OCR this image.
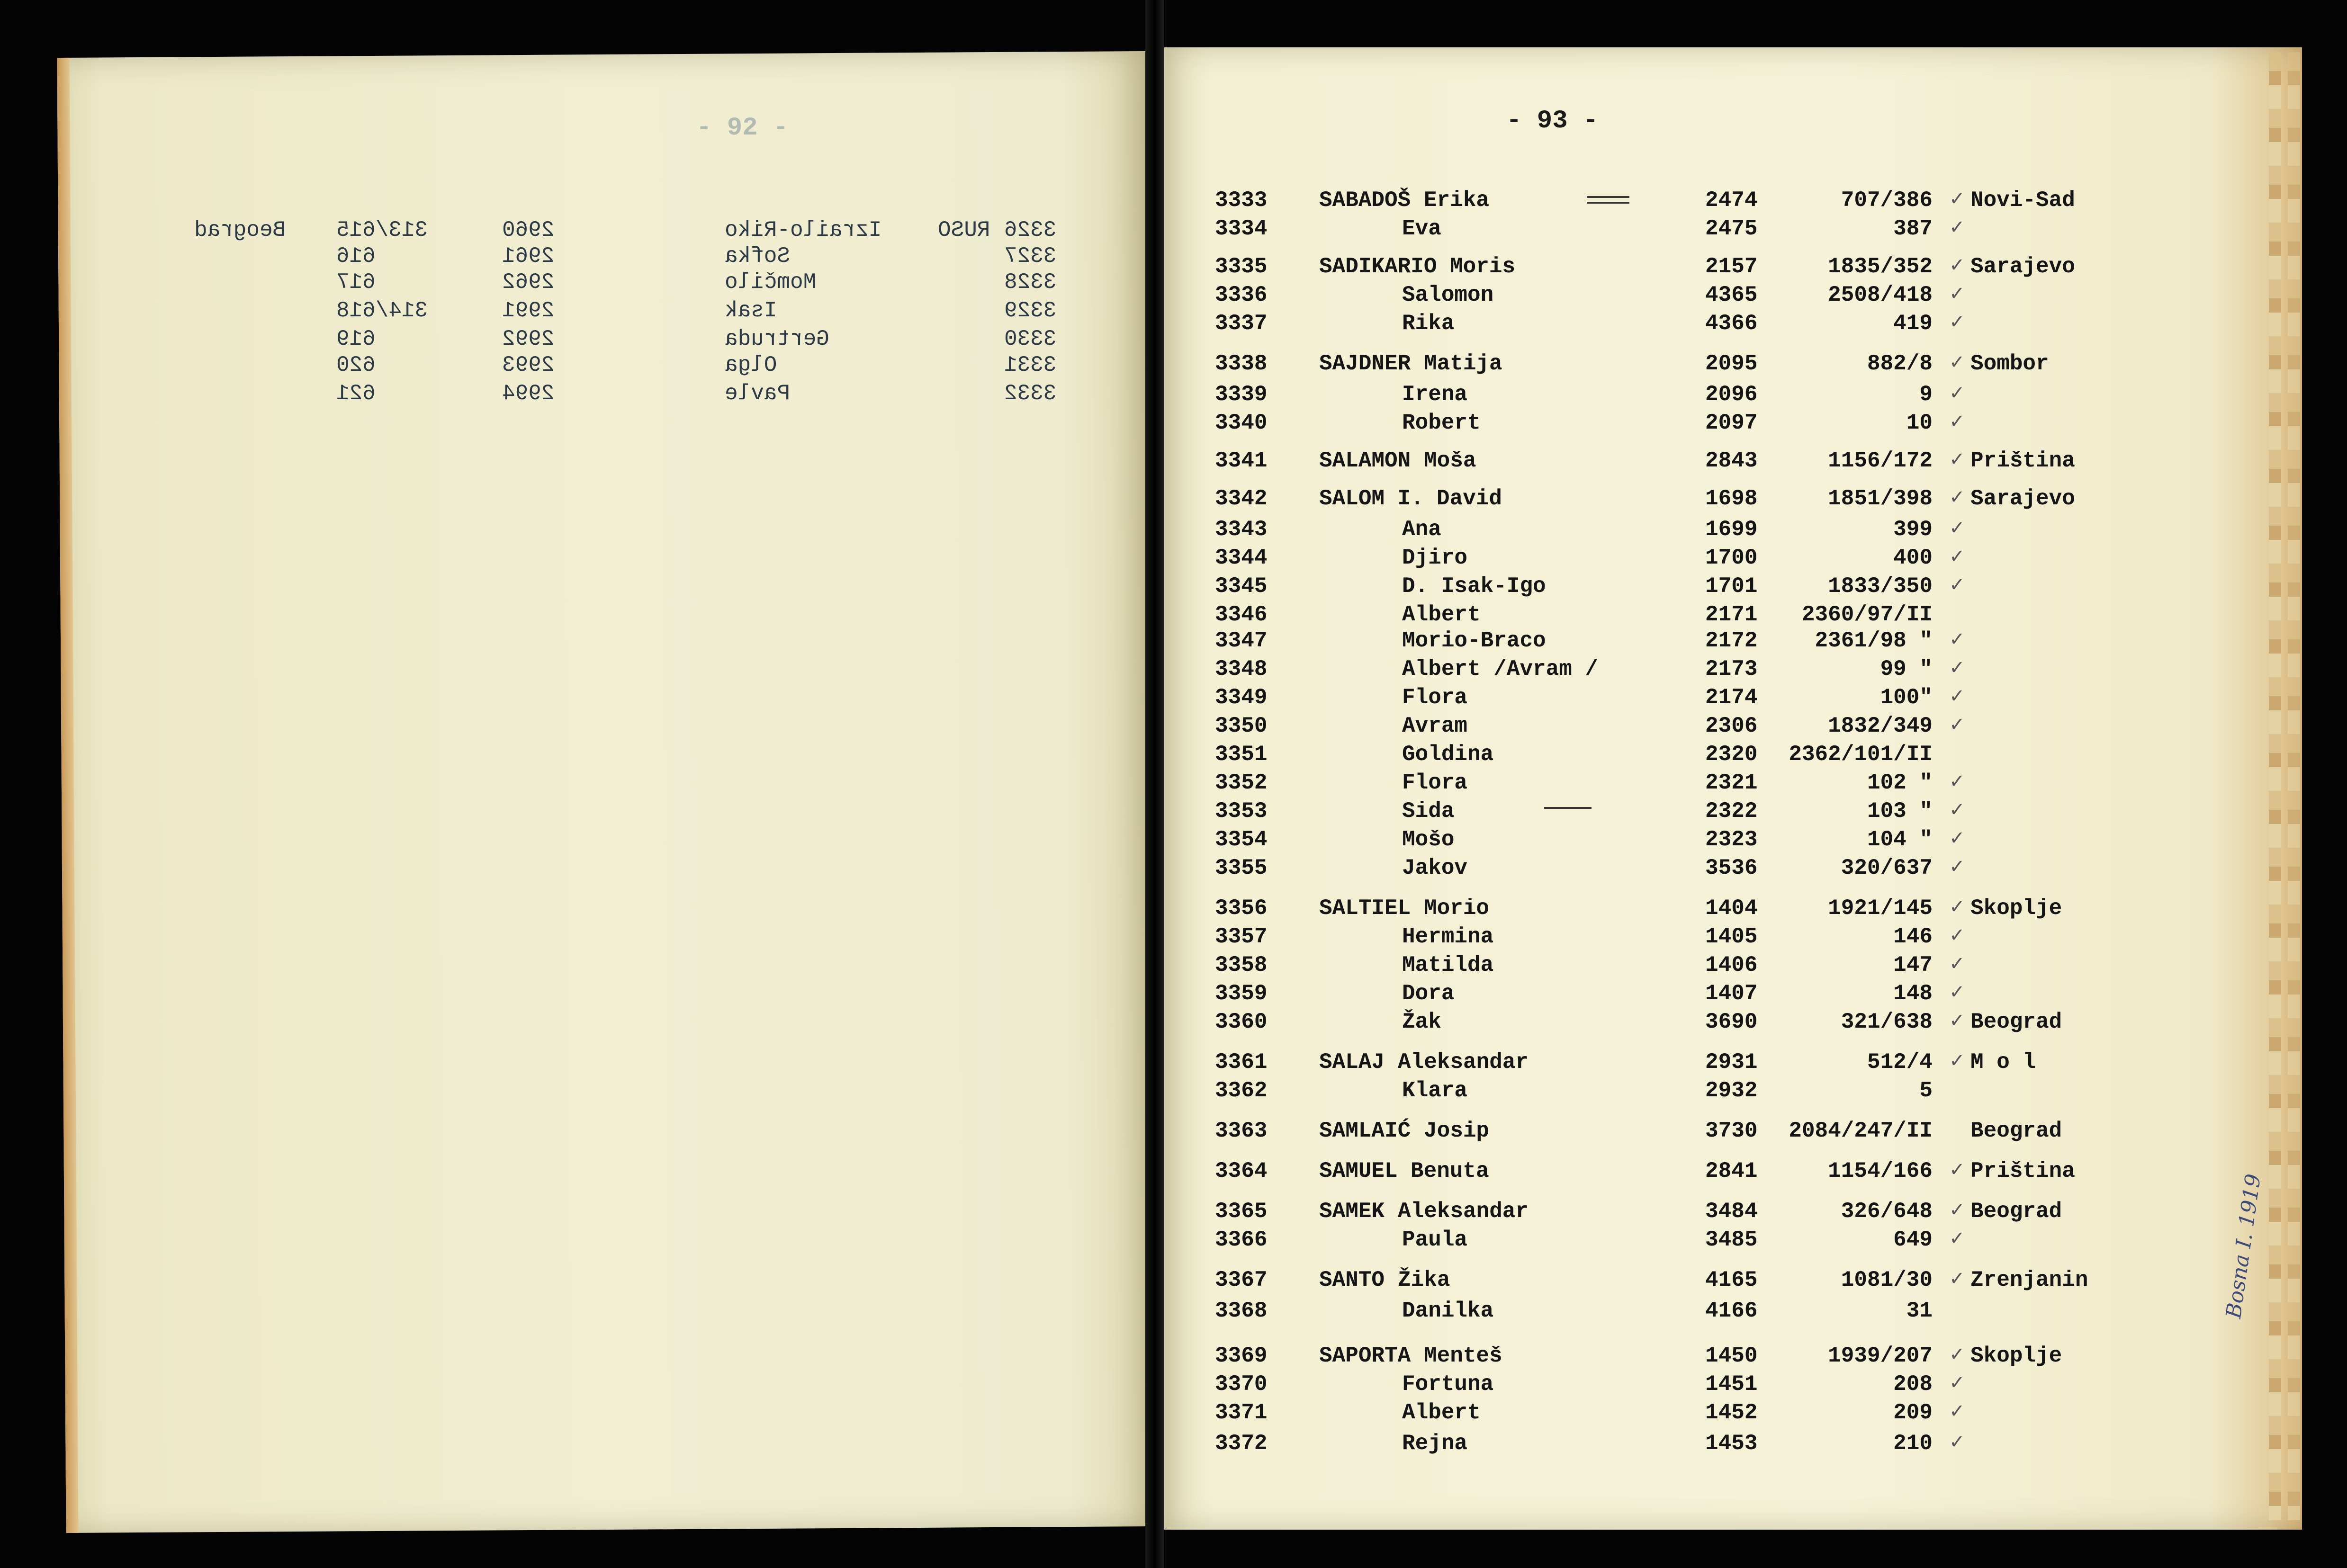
- 92 -	- 93 -
Beograd 313/615	2960	Izrailo-Riko	RUSO 3326
616	2961	Sofka	3327
617	2962	Momčilo	3328
314/618	2991	Isak	3329
619	2992	Gertruda	3330
620	2993	Olga	3331
621	2994	Pavle	3332
3333 SABADOŠ Erika	2474	707/386 ✓ Novi-Sad
3334	Eva	2475	387 ✓
3335 SADIKARIO Moris	2157	1835/352 ✓ Sarajevo
3336	Salomon	4365	2508/418 ✓
3337	Rika	4366	419 ✓
3338 SAJDNER Matija	2095	882/8 ✓ Sombor
3339	Irena	2096	9 ✓
3340	Robert	2097	10 ✓
3341 SALAMON Moša	2843	1156/172 ✓ Priština
3342 SALOM I. David	1698	1851/398 ✓ Sarajevo
3343	Ana	1699	399 ✓
3344	Djiro	1700	400 ✓
3345	D. Isak-Igo	1701	1833/350 ✓
3346	Albert	2171	2360/97/II
3347	Morio-Braco	2172	2361/98 " ✓
3348	Albert /Avram /	2173	99 " ✓
3349	Flora	2174	100" ✓
3350	Avram	2306	1832/349 ✓
3351	Goldina	2320	2362/101/II
3352	Flora	2321	102 " ✓
3353	Sida	2322	103 " ✓
3354	Mošo	2323	104 " ✓
3355	Jakov	3536	320/637 ✓
3356 SALTIEL Morio	1404	1921/145 ✓ Skoplje
3357	Hermina	1405	146 ✓
3358	Matilda	1406	147 ✓
3359	Dora	1407	148 ✓
3360	Žak	3690	321/638 ✓ Beograd
3361 SALAJ Aleksandar	2931	512/4 ✓ M o l
3362	Klara	2932	5
3363 SAMLAIĆ Josip	3730	2084/247/II Beograd
3364 SAMUEL Benuta	2841	1154/166 ✓ Priština
3365 SAMEK Aleksandar	3484	326/648 ✓ Beograd
3366	Paula	3485	649 ✓
3367 SANTO Žika	4165	1081/30 ✓ Zrenjanin
3368	Danilka	4166	31
3369 SAPORTA Menteš	1450	1939/207 ✓ Skoplje
3370	Fortuna	1451	208 ✓
3371	Albert	1452	209 ✓
3372	Rejna	1453	210 ✓
Bosna I. 1919
